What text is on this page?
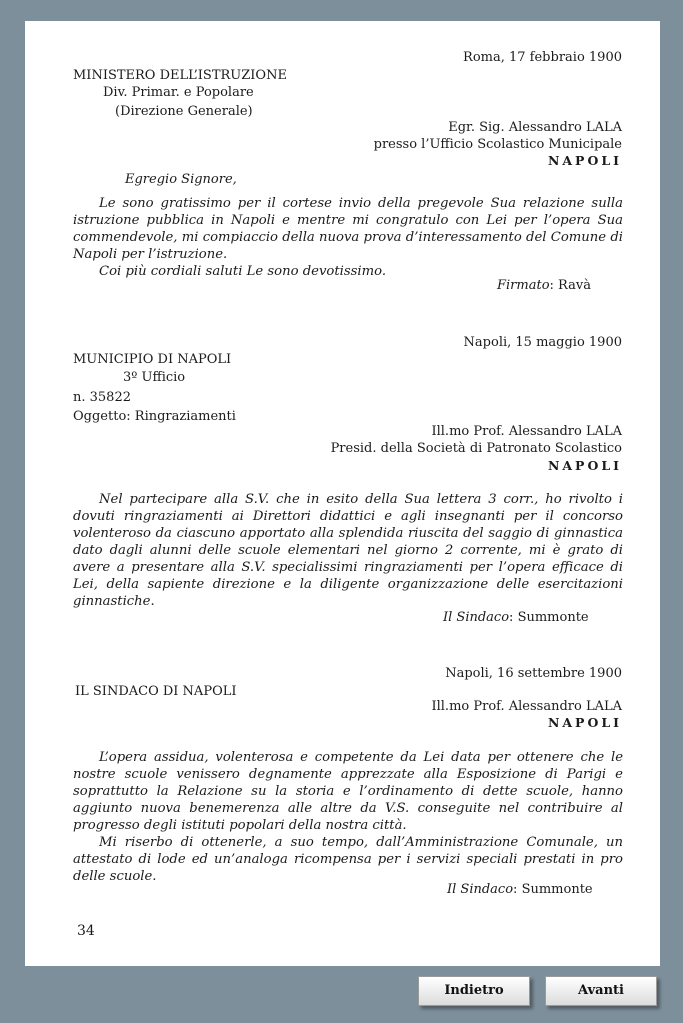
Roma, 17 febbraio 1900
MINISTERO DELL’ISTRUZIONE
Div. Primar. e Popolare
(Direzione Generale)
Egr. Sig. Alessandro LALA
presso l’Ufficio Scolastico Municipale
NAPOLI
Egregio Signore,

Le sono gratissimo per il cortese invio della pregevole Sua relazione sulla istruzione pubblica in Napoli e mentre mi congratulo con Lei per l’opera Sua commendevole, mi compiaccio della nuova prova d’interessamento del Comune di Napoli per l’istruzione.

Coi più cordiali saluti Le sono devotissimo.

Firmato: Ravà
Napoli, 15 maggio 1900
MUNICIPIO DI NAPOLI
3º Ufficio
n. 35822
Oggetto: Ringraziamenti
Ill.mo Prof. Alessandro LALA
Presid. della Società di Patronato Scolastico
NAPOLI

Nel partecipare alla S.V. che in esito della Sua lettera 3 corr., ho rivolto i dovuti ringraziamenti ai Direttori didattici e agli insegnanti per il concorso volenteroso da ciascuno apportato alla splendida riuscita del saggio di ginnastica dato dagli alunni delle scuole elementari nel giorno 2 corrente, mi è grato di avere a presentare alla S.V. specialissimi ringraziamenti per l’opera efficace di Lei, della sapiente direzione e la diligente organizzazione delle esercitazioni ginnastiche.

Il Sindaco: Summonte
Napoli, 16 settembre 1900
IL SINDACO DI NAPOLI
Ill.mo Prof. Alessandro LALA
NAPOLI

L’opera assidua, volenterosa e competente da Lei data per ottenere che le nostre scuole venissero degnamente apprezzate alla Esposizione di Parigi e soprattutto la Relazione su la storia e l’ordinamento di dette scuole, hanno aggiunto nuova benemerenza alle altre da V.S. conseguite nel contribuire al progresso degli istituti popolari della nostra città.

Mi riserbo di ottenerle, a suo tempo, dall’Amministrazione Comunale, un attestato di lode ed un’analoga ricompensa per i servizi speciali prestati in pro delle scuole.

Il Sindaco: Summonte
34
Indietro	Avanti
